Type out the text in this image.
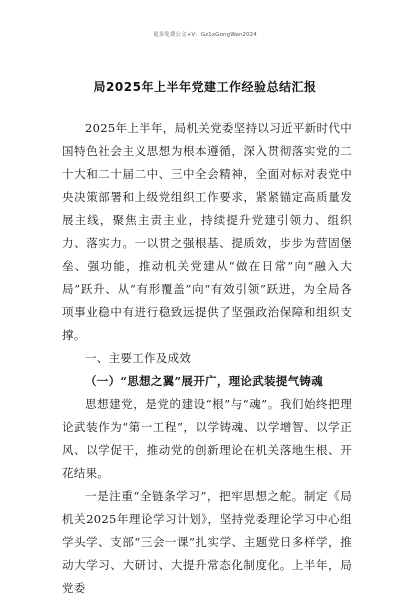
更多免费公文+V：Gz1xGongWen2024
局2025年上半年党建工作经验总结汇报

2025年上半年，局机关党委坚持以习近平新时代中国特色社会主义思想为根本遵循，深入贯彻落实党的二十大和二十届二中、三中全会精神，全面对标对表党中央决策部署和上级党组织工作要求，紧紧锚定高质量发展主线，聚焦主责主业，持续提升党建引领力、组织力、落实力。一以贯之强根基、提质效，步步为营固堡垒、强功能，推动机关党建从“做在日常”向“融入大局”跃升、从“有形覆盖”向“有效引领”跃进，为全局各项事业稳中有进行稳致远提供了坚强政治保障和组织支撑。

一、主要工作及成效

（一）“思想之翼”展开广，理论武装提气铸魂

思想建党，是党的建设“根”与“魂”。我们始终把理论武装作为“第一工程”，以学铸魂、以学增智、以学正风、以学促干，推动党的创新理论在机关落地生根、开花结果。

一是注重“全链条学习”，把牢思想之舵。制定《局机关2025年理论学习计划》，坚持党委理论学习中心组学头学、支部“三会一课”扎实学、主题党日多样学，推动大学习、大研讨、大提升常态化制度化。上半年，局党委
